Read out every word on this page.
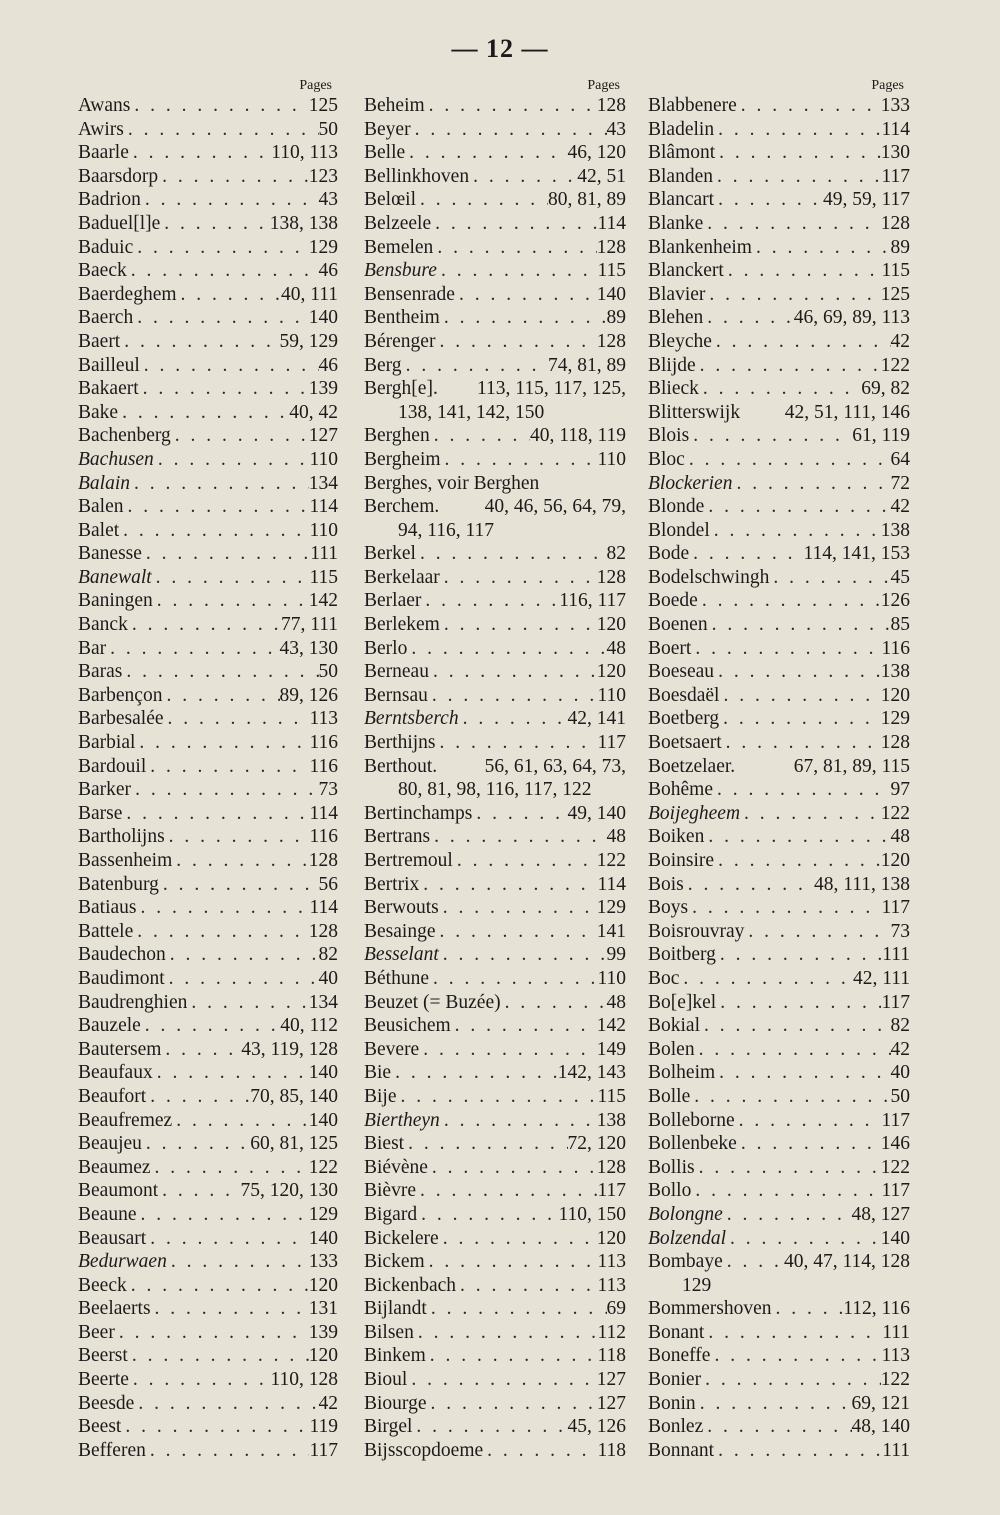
— 12 —
Pages
Awans . . .	125
Awirs . . .	50
Baarle . . .	110, 113
Baarsdorp . . .	123
Badrion . . .	43
Baduel[l]e . . .	138, 138
Baduic . . .	129
Baeck . . .	46
Baerdeghem . . .	40, 111
Baerch . . .	140
Baert . . .	59, 129
Bailleul . . .	46
Bakaert . . .	139
Bake . . .	40, 42
Bachenberg . . .	127
Bachusen . . .	110
Balain . . .	134
Balen . . .	114
Balet . . .	110
Banesse . . .	111
Banewalt . . .	115
Baningen . . .	142
Banck . . .	77, 111
Bar . . .	43, 130
Baras . . .	50
Barbençon . . .	89, 126
Barbesalée . . .	113
Barbial . . .	116
Bardouil . . .	116
Barker . . .	73
Barse . . .	114
Bartholijns . . .	116
Bassenheim . . .	128
Batenburg . . .	56
Batiaus . . .	114
Battele . . .	128
Baudechon . . .	82
Baudimont . . .	40
Baudrenghien . . .	134
Bauzele . . .	40, 112
Bautersem . . .	43, 119, 128
Beaufaux . . .	140
Beaufort . . .	70, 85, 140
Beaufremez . . .	140
Beaujeu . . .	60, 81, 125
Beaumez . . .	122
Beaumont . . .	75, 120, 130
Beaune . . .	129
Beausart . . .	140
Bedurwaen . . .	133
Beeck . . .	120
Beelaerts . . .	131
Beer . . .	139
Beerst . . .	120
Beerte . . .	110, 128
Beesde . . .	42
Beest . . .	119
Befferen . . .	117
Pages
Beheim . . .	128
Beyer . . .	43
Belle . . .	46, 120
Bellinkhoven . . .	42, 51
Belœil . . .	80, 81, 89
Belzeele . . .	114
Bemelen . . .	128
Bensbure . . .	115
Bensenrade . . .	140
Bentheim . . .	89
Bérenger . . .	128
Berg . . .	74, 81, 89
Bergh[e]. 113, 115, 117, 125,
138, 141, 142, 150
Berghen . . .	40, 118, 119
Bergheim . . .	110
Berghes, voir Berghen
Berchem. 40, 46, 56, 64, 79,
94, 116, 117
Berkel . . .	82
Berkelaar . . .	128
Berlaer . . .	116, 117
Berlekem . . .	120
Berlo . . .	48
Berneau . . .	120
Bernsau . . .	110
Berntsberch . . .	42, 141
Berthijns . . .	117
Berthout. 56, 61, 63, 64, 73,
80, 81, 98, 116, 117, 122
Bertinchamps . . .	49, 140
Bertrans . . .	48
Bertremoul . . .	122
Bertrix . . .	114
Berwouts . . .	129
Besainge . . .	141
Besselant . . .	99
Béthune . . .	110
Beuzet (= Buzée) . . .	48
Beusichem . . .	142
Bevere . . .	149
Bie . . .	142, 143
Bije . . .	115
Biertheyn . . .	138
Biest . . .	72, 120
Biévène . . .	128
Bièvre . . .	117
Bigard . . .	110, 150
Bickelere . . .	120
Bickem . . .	113
Bickenbach . . .	113
Bijlandt . . .	69
Bilsen . . .	112
Binkem . . .	118
Bioul . . .	127
Biourge . . .	127
Birgel . . .	45, 126
Bijsscopdoeme . . .	118
Pages
Blabbenere . . .	133
Bladelin . . .	114
Blâmont . . .	130
Blanden . . .	117
Blancart . . .	49, 59, 117
Blanke . . .	128
Blankenheim . . .	89
Blanckert . . .	115
Blavier . . .	125
Blehen . . .	46, 69, 89, 113
Bleyche . . .	42
Blijde . . .	122
Blieck . . .	69, 82
Blitterswijk 42, 51, 111, 146
Blois . . .	61, 119
Bloc . . .	64
Blockerien . . .	72
Blonde . . .	42
Blondel . . .	138
Bode . . .	114, 141, 153
Bodelschwingh . . .	45
Boede . . .	126
Boenen . . .	85
Boert . . .	116
Boeseau . . .	138
Boesdaël . . .	120
Boetberg . . .	129
Boetsaert . . .	128
Boetzelaer.	67, 81, 89, 115
Bohême . . .	97
Boijegheem . . .	122
Boiken . . .	48
Boinsire . . .	120
Bois . . .	48, 111, 138
Boys . . .	117
Boisrouvray . . .	73
Boitberg . . .	111
Boc . . .	42, 111
Bo[e]kel . . .	117
Bokial . . .	82
Bolen . . .	42
Bolheim . . .	40
Bolle . . .	50
Bolleborne . . .	117
Bollenbeke . . .	146
Bollis . . .	122
Bollo . . .	117
Bolongne . . .	48, 127
Bolzendal . . .	140
Bombaye . . .	40, 47, 114, 128
129
Bommershoven . . .	112, 116
Bonant . . .	111
Boneffe . . .	113
Bonier . . .	122
Bonin . . .	69, 121
Bonlez . . .	48, 140
Bonnant . . .	111
